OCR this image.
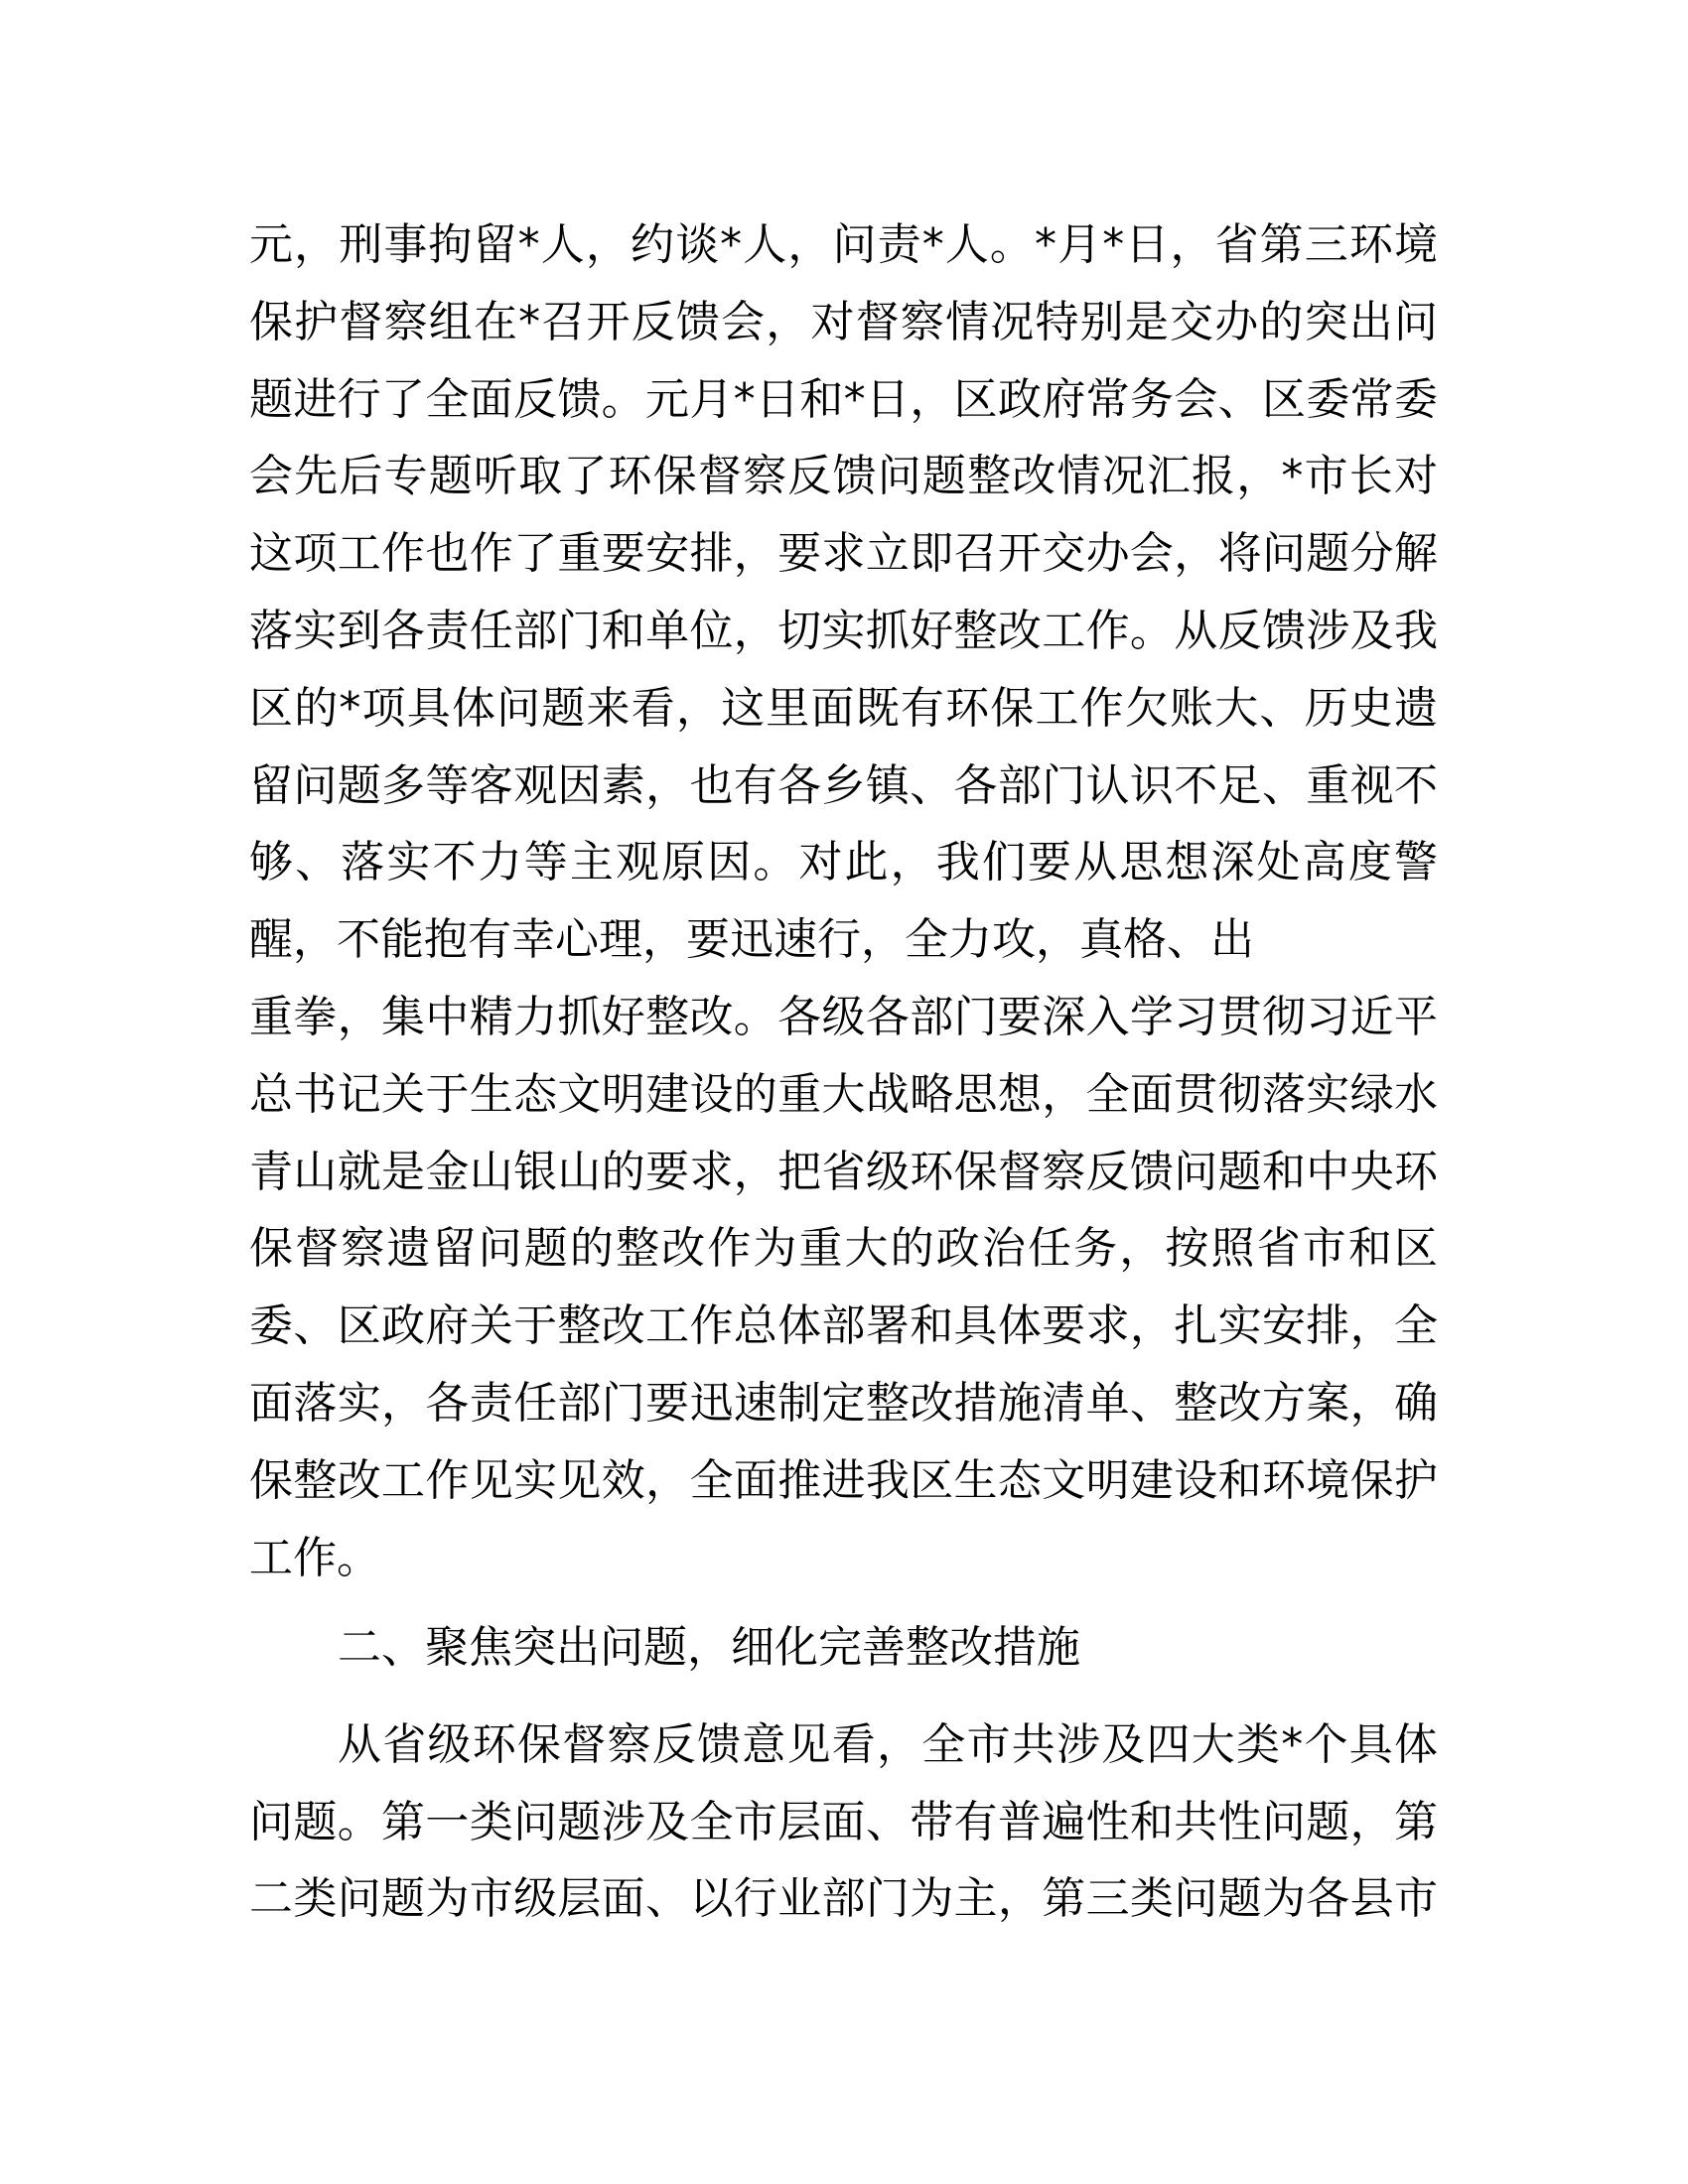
元，刑事拘留*人，约谈*人，问责*人。*月*日，省第三环境
保护督察组在*召开反馈会，对督察情况特别是交办的突出问
题进行了全面反馈。元月*日和*日，区政府常务会、区委常委
会先后专题听取了环保督察反馈问题整改情况汇报，*市长对
这项工作也作了重要安排，要求立即召开交办会，将问题分解
落实到各责任部门和单位，切实抓好整改工作。从反馈涉及我
区的*项具体问题来看，这里面既有环保工作欠账大、历史遗
留问题多等客观因素，也有各乡镇、各部门认识不足、重视不
够、落实不力等主观原因。对此，我们要从思想深处高度警
醒，不能抱有幸心理，要迅速行，全力攻，真格、出
重拳，集中精力抓好整改。各级各部门要深入学习贯彻习近平
总书记关于生态文明建设的重大战略思想，全面贯彻落实绿水
青山就是金山银山的要求，把省级环保督察反馈问题和中央环
保督察遗留问题的整改作为重大的政治任务，按照省市和区
委、区政府关于整改工作总体部署和具体要求，扎实安排，全
面落实，各责任部门要迅速制定整改措施清单、整改方案，确
保整改工作见实见效，全面推进我区生态文明建设和环境保护
工作。
二、聚焦突出问题，细化完善整改措施
从省级环保督察反馈意见看，全市共涉及四大类*个具体
问题。第一类问题涉及全市层面、带有普遍性和共性问题，第
二类问题为市级层面、以行业部门为主，第三类问题为各县市
